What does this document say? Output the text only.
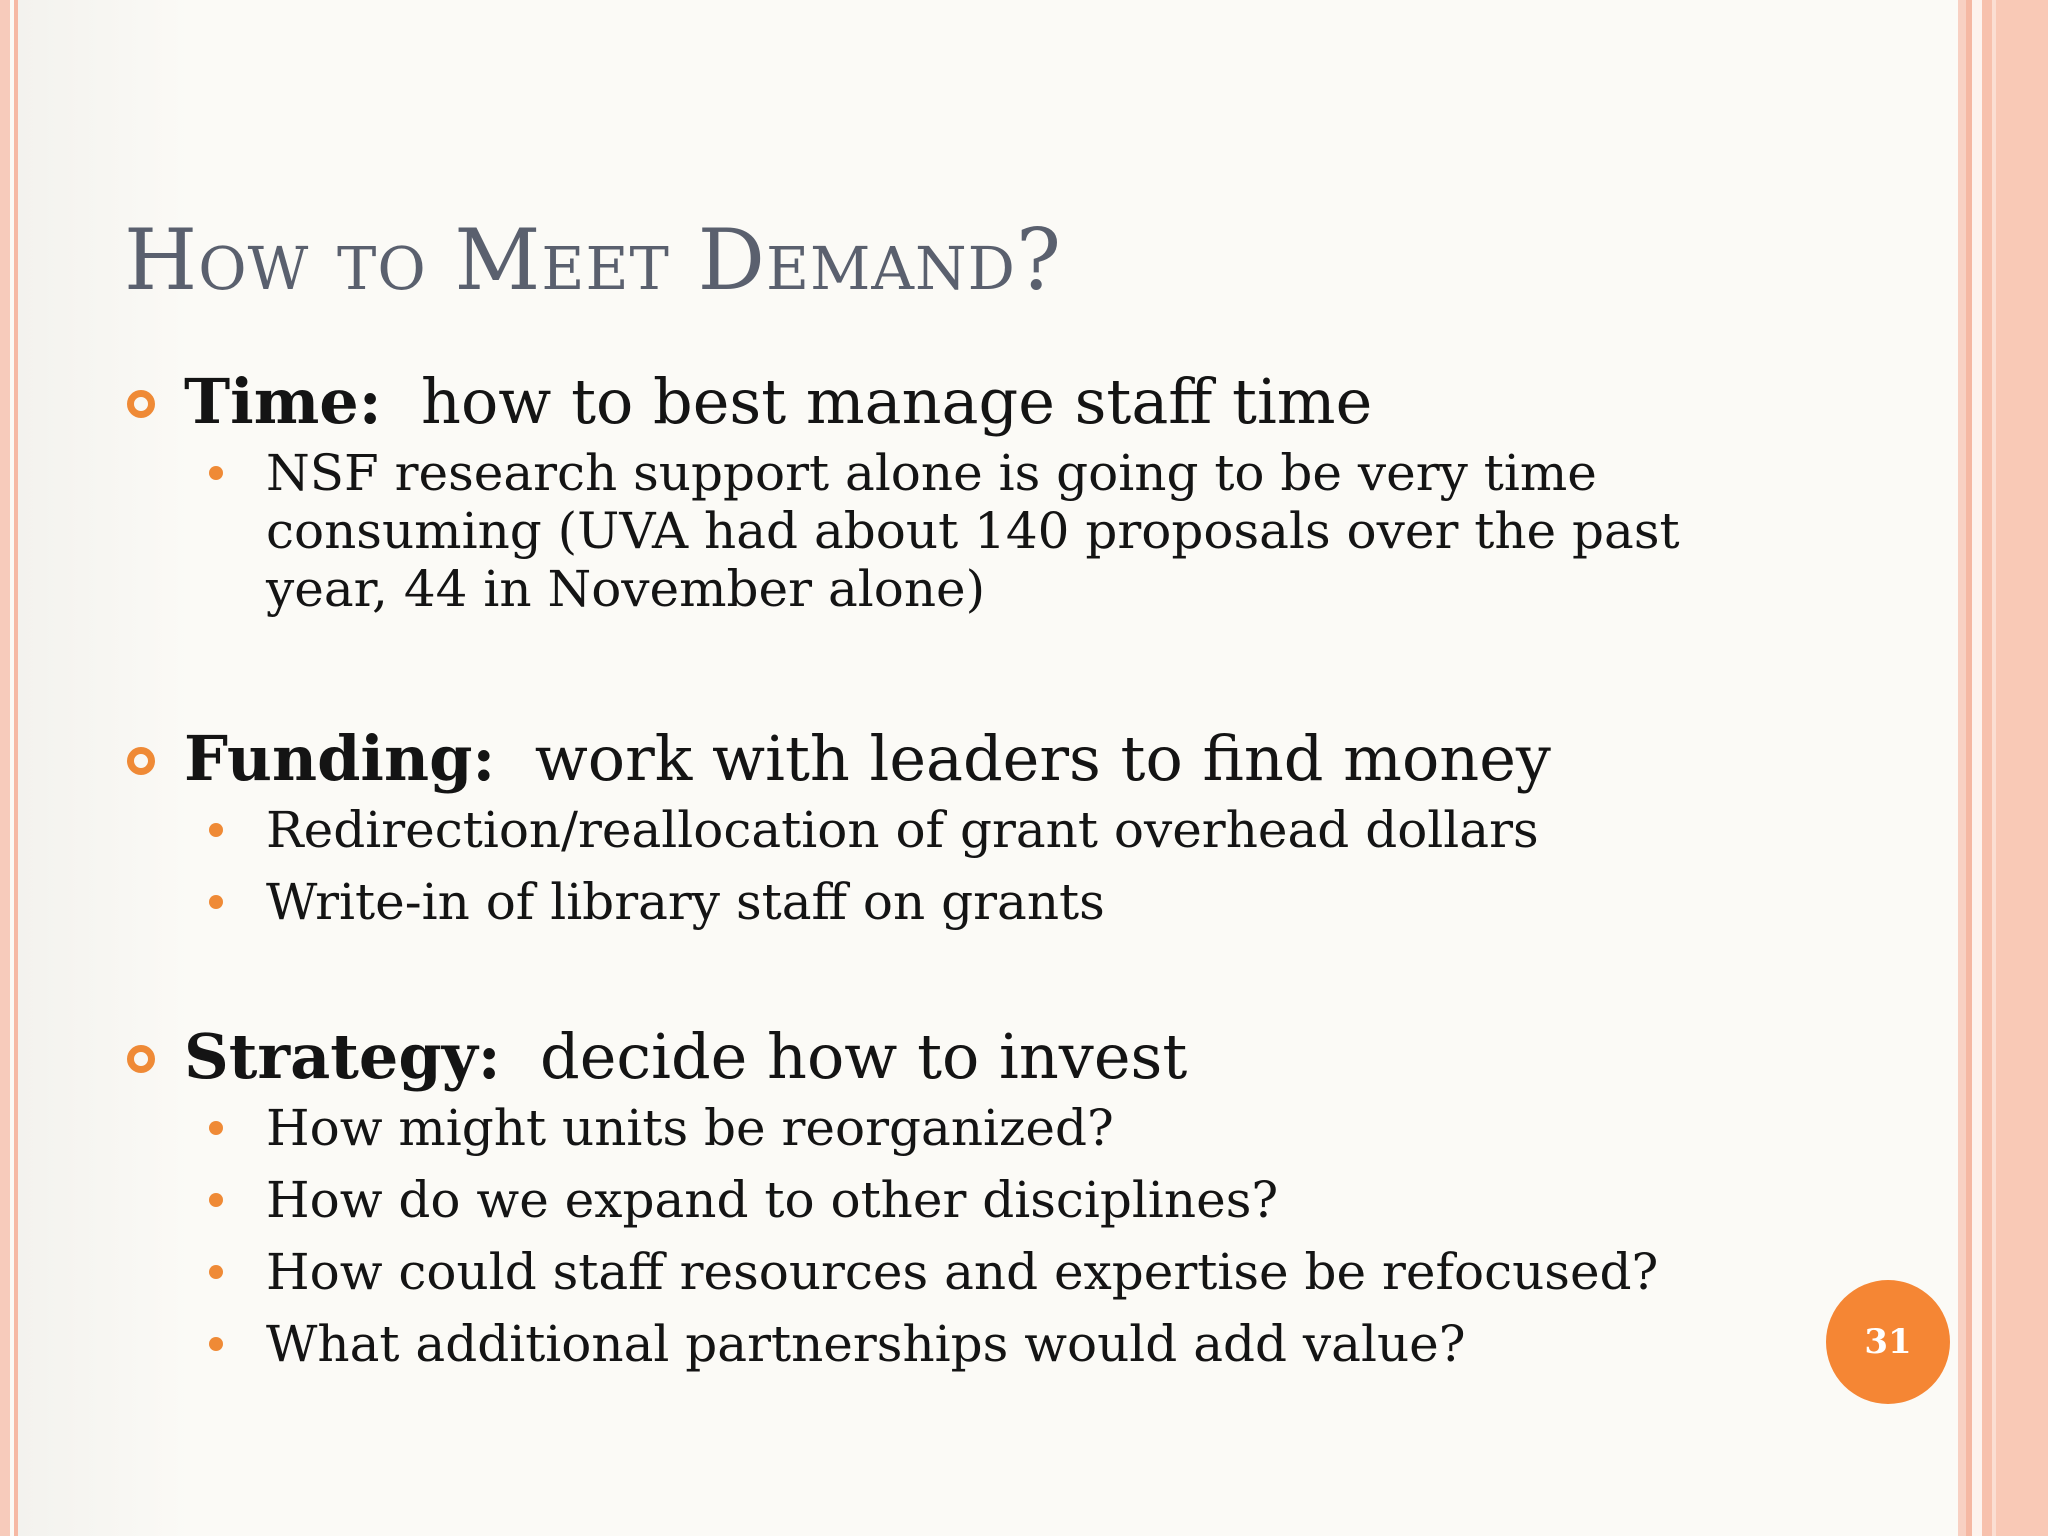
How to Meet Demand?
Time: how to best manage staff time
NSF research support alone is going to be very time consuming (UVA had about 140 proposals over the past year, 44 in November alone)
Funding: work with leaders to find money
Redirection/reallocation of grant overhead dollars
Write-in of library staff on grants
Strategy: decide how to invest
How might units be reorganized?
How do we expand to other disciplines?
How could staff resources and expertise be refocused?
What additional partnerships would add value?	31
